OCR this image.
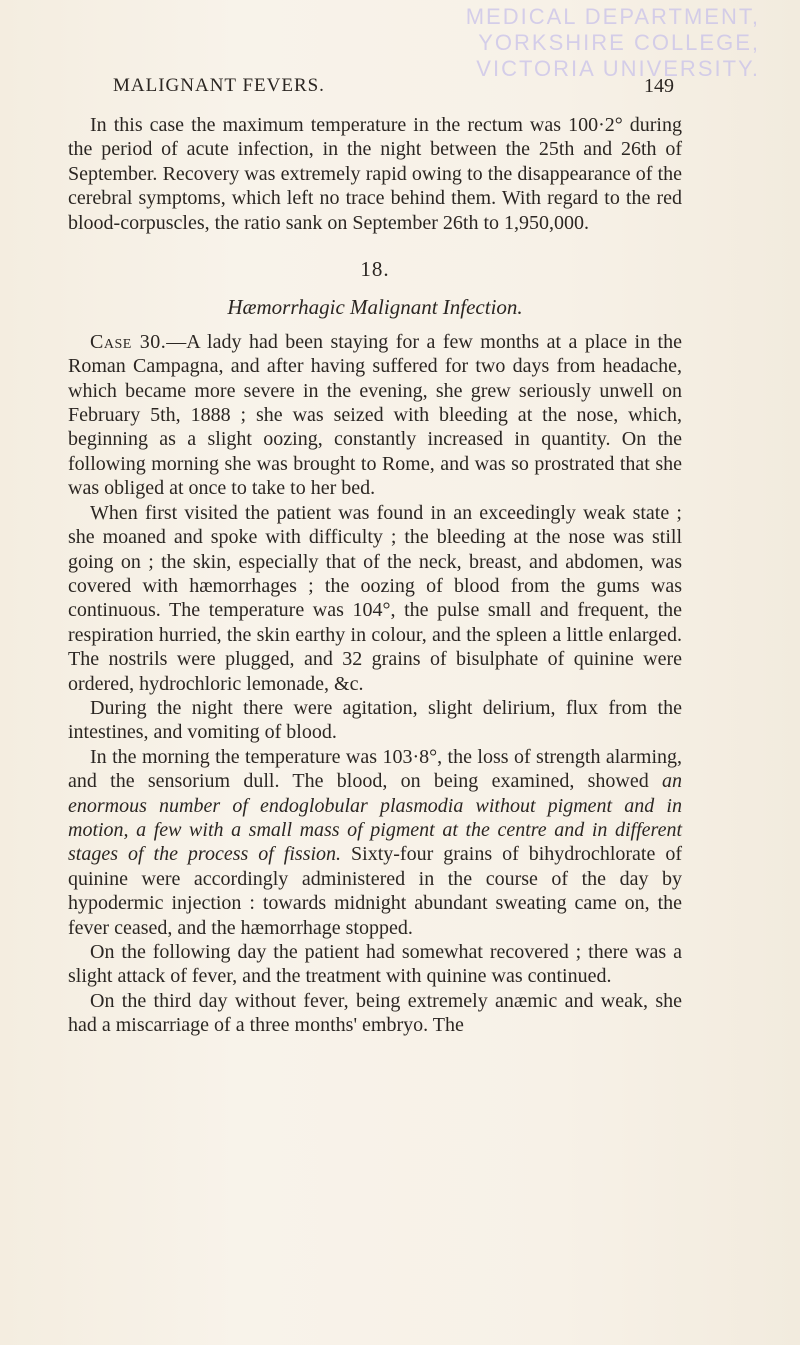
MEDICAL DEPARTMENT,
YORKSHIRE COLLEGE,
VICTORIA UNIVERSITY.
MALIGNANT FEVERS.	149

In this case the maximum temperature in the rectum was 100·2° during the period of acute infection, in the night between the 25th and 26th of September. Recovery was extremely rapid owing to the disappearance of the cerebral symptoms, which left no trace behind them. With regard to the red blood-corpuscles, the ratio sank on September 26th to 1,950,000.

18.
Hæmorrhagic Malignant Infection.

Case 30.—A lady had been staying for a few months at a place in the Roman Campagna, and after having suffered for two days from headache, which became more severe in the evening, she grew seriously unwell on February 5th, 1888 ; she was seized with bleeding at the nose, which, beginning as a slight oozing, constantly increased in quantity. On the following morning she was brought to Rome, and was so prostrated that she was obliged at once to take to her bed.

When first visited the patient was found in an exceedingly weak state ; she moaned and spoke with difficulty ; the bleeding at the nose was still going on ; the skin, especially that of the neck, breast, and abdomen, was covered with hæmorrhages ; the oozing of blood from the gums was continuous. The temperature was 104°, the pulse small and frequent, the respiration hurried, the skin earthy in colour, and the spleen a little enlarged. The nostrils were plugged, and 32 grains of bisulphate of quinine were ordered, hydrochloric lemonade, &c.

During the night there were agitation, slight delirium, flux from the intestines, and vomiting of blood.

In the morning the temperature was 103·8°, the loss of strength alarming, and the sensorium dull. The blood, on being examined, showed an enormous number of endoglobular plasmodia without pigment and in motion, a few with a small mass of pigment at the centre and in different stages of the process of fission. Sixty-four grains of bihydrochlorate of quinine were accordingly administered in the course of the day by hypodermic injection : towards midnight abundant sweating came on, the fever ceased, and the hæmorrhage stopped.

On the following day the patient had somewhat recovered ; there was a slight attack of fever, and the treatment with quinine was continued.

On the third day without fever, being extremely anæmic and weak, she had a miscarriage of a three months' embryo. The
